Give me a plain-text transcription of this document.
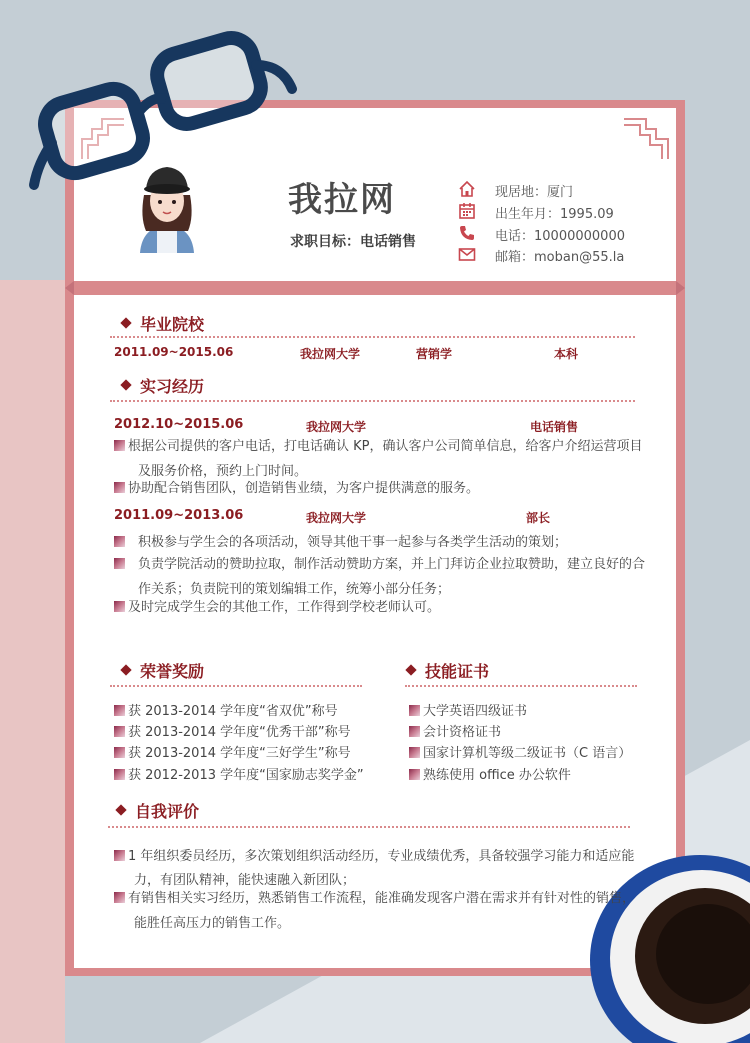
我拉网
求职目标：电话销售
现居地：厦门
出生年月：1995.09
电话：10000000000
邮箱：moban@55.la
毕业院校
2011.09~2015.06	我拉网大学	营销学	本科
实习经历
2012.10~2015.06	我拉网大学	电话销售
根据公司提供的客户电话，打电话确认 KP，确认客户公司简单信息，给客户介绍运营项目
及服务价格，预约上门时间。
协助配合销售团队，创造销售业绩，为客户提供满意的服务。
2011.09~2013.06	我拉网大学	部长
积极参与学生会的各项活动，领导其他干事一起参与各类学生活动的策划；
负责学院活动的赞助拉取，制作活动赞助方案，并上门拜访企业拉取赞助，建立良好的合
作关系；负责院刊的策划编辑工作，统筹小部分任务；
及时完成学生会的其他工作，工作得到学校老师认可。
荣誉奖励
获 2013-2014 学年度“省双优”称号
获 2013-2014 学年度“优秀干部”称号
获 2013-2014 学年度“三好学生”称号
获 2012-2013 学年度“国家励志奖学金”
技能证书
大学英语四级证书
会计资格证书
国家计算机等级二级证书（C 语言）
熟练使用 office 办公软件
自我评价
1 年组织委员经历，多次策划组织活动经历，专业成绩优秀，具备较强学习能力和适应能
力，有团队精神，能快速融入新团队；
有销售相关实习经历，熟悉销售工作流程，能准确发现客户潜在需求并有针对性的销售，
能胜任高压力的销售工作。
